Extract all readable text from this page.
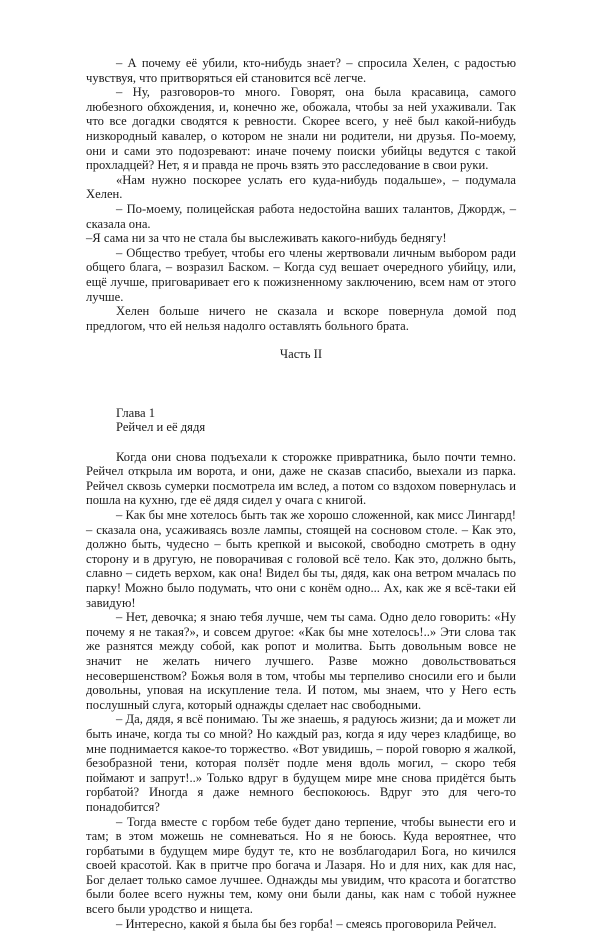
– А почему её убили, кто-нибудь знает? – спросила Хелен, с радостью чувствуя, что притворяться ей становится всё легче.

– Ну, разговоров-то много. Говорят, она была красавица, самого любезного обхождения, и, конечно же, обожала, чтобы за ней ухаживали. Так что все догадки сводятся к ревности. Скорее всего, у неё был какой-нибудь низкородный кавалер, о котором не знали ни родители, ни друзья. По-моему, они и сами это подозревают: иначе почему поиски убийцы ведутся с такой прохладцей? Нет, я и правда не прочь взять это расследование в свои руки.

«Нам нужно поскорее услать его куда-нибудь подальше», – подумала Хелен.

– По-моему, полицейская работа недостойна ваших талантов, Джордж, – сказала она.

–Я сама ни за что не стала бы выслеживать какого-нибудь беднягу!

– Общество требует, чтобы его члены жертвовали личным выбором ради общего блага, – возразил Баском. – Когда суд вешает очередного убийцу, или, ещё лучше, приговаривает его к пожизненному заключению, всем нам от этого лучше.

Хелен больше ничего не сказала и вскоре повернула домой под предлогом, что ей нельзя надолго оставлять больного брата.

Часть II

Глава 1
Рейчел и её дядя

Когда они снова подъехали к сторожке привратника, было почти темно. Рейчел открыла им ворота, и они, даже не сказав спасибо, выехали из парка. Рейчел сквозь сумерки посмотрела им вслед, а потом со вздохом повернулась и пошла на кухню, где её дядя сидел у очага с книгой.

– Как бы мне хотелось быть так же хорошо сложенной, как мисс Лингард! – сказала она, усаживаясь возле лампы, стоящей на сосновом столе. – Как это, должно быть, чудесно – быть крепкой и высокой, свободно смотреть в одну сторону и в другую, не поворачивая с головой всё тело. Как это, должно быть, славно – сидеть верхом, как она! Видел бы ты, дядя, как она ветром мчалась по парку! Можно было подумать, что они с конём одно... Ах, как же я всё-таки ей завидую!

– Нет, девочка; я знаю тебя лучше, чем ты сама. Одно дело говорить: «Ну почему я не такая?», и совсем другое: «Как бы мне хотелось!..» Эти слова так же разнятся между собой, как ропот и молитва. Быть довольным вовсе не значит не желать ничего лучшего. Разве можно довольствоваться несовершенством? Божья воля в том, чтобы мы терпеливо сносили его и были довольны, уповая на искупление тела. И потом, мы знаем, что у Него есть послушный слуга, который однажды сделает нас свободными.

– Да, дядя, я всё понимаю. Ты же знаешь, я радуюсь жизни; да и может ли быть иначе, когда ты со мной? Но каждый раз, когда я иду через кладбище, во мне поднимается какое-то торжество. «Вот увидишь, – порой говорю я жалкой, безобразной тени, которая ползёт подле меня вдоль могил, – скоро тебя поймают и запрут!..» Только вдруг в будущем мире мне снова придётся быть горбатой? Иногда я даже немного беспокоюсь. Вдруг это для чего-то понадобится?

– Тогда вместе с горбом тебе будет дано терпение, чтобы вынести его и там; в этом можешь не сомневаться. Но я не боюсь. Куда вероятнее, что горбатыми в будущем мире будут те, кто не возблагодарил Бога, но кичился своей красотой. Как в притче про богача и Лазаря. Но и для них, как для нас, Бог делает только самое лучшее. Однажды мы увидим, что красота и богатство были более всего нужны тем, кому они были даны, как нам с тобой нужнее всего были уродство и нищета.

– Интересно, какой я была бы без горба! – смеясь проговорила Рейчел.
